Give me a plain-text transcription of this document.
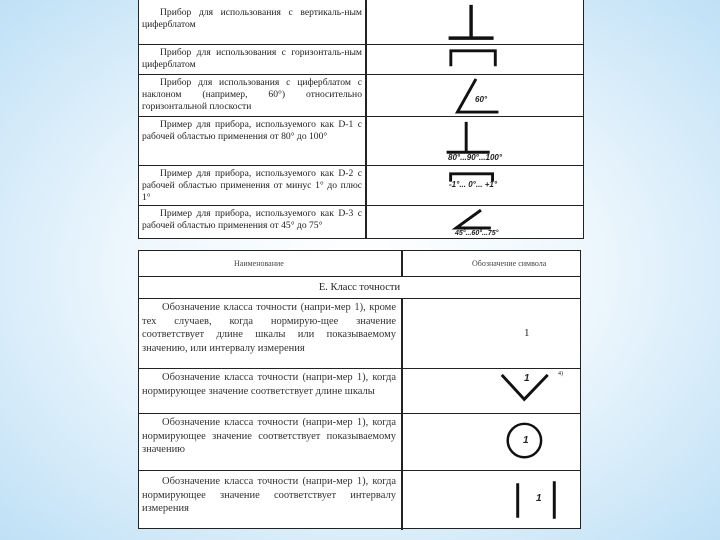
Прибор для использования с вертикаль-ным циферблатом
Прибор для использования с горизонталь-ным циферблатом
Прибор для использования с циферблатом с наклоном (например, 60°) относительно горизонтальной плоскости
60°
Пример для прибора, используемого как D-1 с рабочей областью применения от 80° до 100°
80°...90°...100°
Пример для прибора, используемого как D-2 с рабочей областью применения от минус 1° до плюс 1°
-1°... 0°... +1°
Пример для прибора, используемого как D-3 с рабочей областью применения от 45° до 75°
45°...60°...75°
Наименование	Обозначение символа
E. Класс точности
Обозначение класса точности (напри-мер 1), кроме тех случаев, когда нормирую-щее значение соответствует длине шкалы или показываемому значению, или интервалу измерения
1
Обозначение класса точности (напри-мер 1), когда нормирующее значение соответствует длине шкалы
1	4)
Обозначение класса точности (напри-мер 1), когда нормирующее значение соответствует показываемому значению
1
Обозначение класса точности (напри-мер 1), когда нормирующее значение соответствует интервалу измерения
1
